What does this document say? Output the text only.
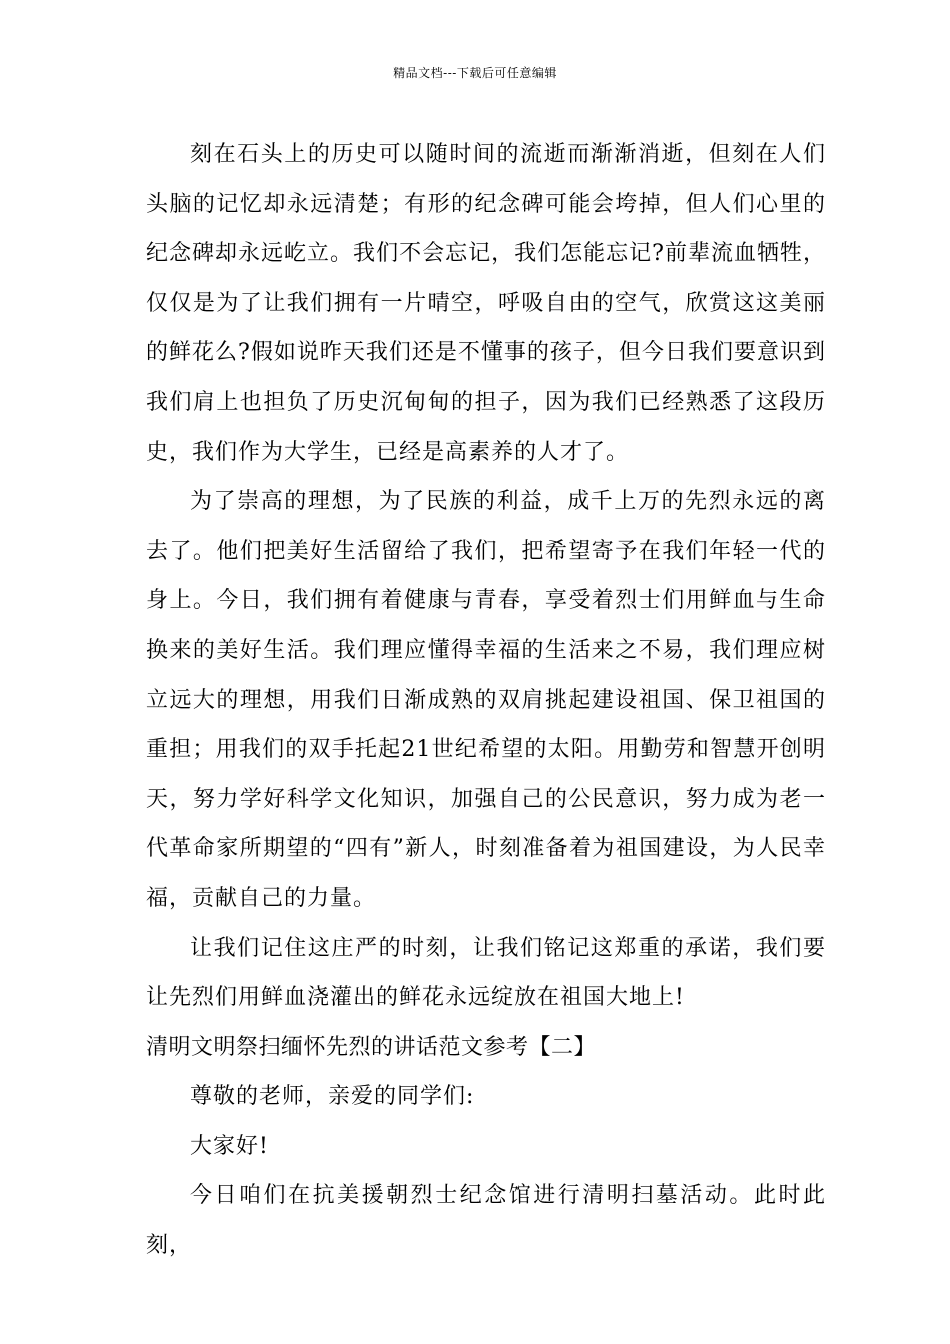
精品文档---下载后可任意编辑

刻在石头上的历史可以随时间的流逝而渐渐消逝，但刻在人们头脑的记忆却永远清楚；有形的纪念碑可能会垮掉，但人们心里的纪念碑却永远屹立。我们不会忘记，我们怎能忘记?前辈流血牺牲，仅仅是为了让我们拥有一片晴空，呼吸自由的空气，欣赏这这美丽的鲜花么?假如说昨天我们还是不懂事的孩子，但今日我们要意识到我们肩上也担负了历史沉甸甸的担子，因为我们已经熟悉了这段历史，我们作为大学生，已经是高素养的人才了。

为了崇高的理想，为了民族的利益，成千上万的先烈永远的离去了。他们把美好生活留给了我们，把希望寄予在我们年轻一代的身上。今日，我们拥有着健康与青春，享受着烈士们用鲜血与生命换来的美好生活。我们理应懂得幸福的生活来之不易，我们理应树立远大的理想，用我们日渐成熟的双肩挑起建设祖国、保卫祖国的重担；用我们的双手托起21世纪希望的太阳。用勤劳和智慧开创明天，努力学好科学文化知识，加强自己的公民意识，努力成为老一代革命家所期望的“四有”新人，时刻准备着为祖国建设，为人民幸福，贡献自己的力量。

让我们记住这庄严的时刻，让我们铭记这郑重的承诺，我们要让先烈们用鲜血浇灌出的鲜花永远绽放在祖国大地上!

清明文明祭扫缅怀先烈的讲话范文参考【二】

尊敬的老师，亲爱的同学们:

大家好!

今日咱们在抗美援朝烈士纪念馆进行清明扫墓活动。此时此刻，
